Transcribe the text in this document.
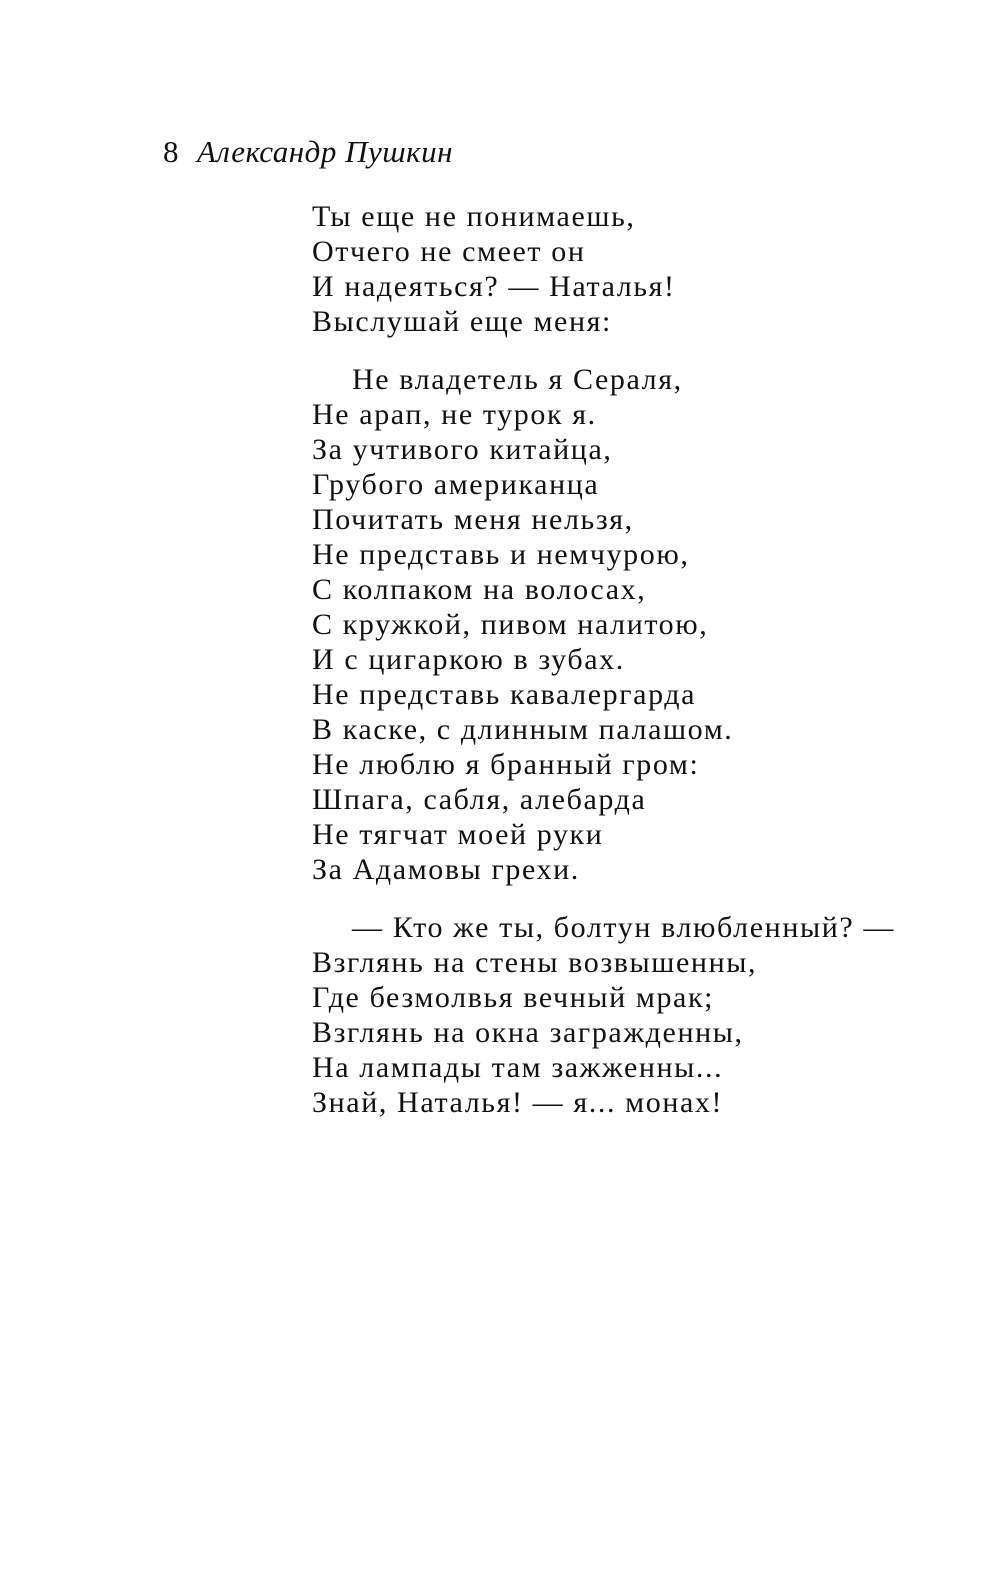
8 Александр Пушкин
Ты еще не понимаешь,
Отчего не смеет он
И надеяться? — Наталья!
Выслушай еще меня:
Не владетель я Сераля,
Не арап, не турок я.
За учтивого китайца,
Грубого американца
Почитать меня нельзя,
Не представь и немчурою,
С колпаком на волосах,
С кружкой, пивом налитою,
И с цигаркою в зубах.
Не представь кавалергарда
В каске, с длинным палашом.
Не люблю я бранный гром:
Шпага, сабля, алебарда
Не тягчат моей руки
За Адамовы грехи.
— Кто же ты, болтун влюбленный? —
Взглянь на стены возвышенны,
Где безмолвья вечный мрак;
Взглянь на окна загражденны,
На лампады там зажженны...
Знай, Наталья! — я... монах!
